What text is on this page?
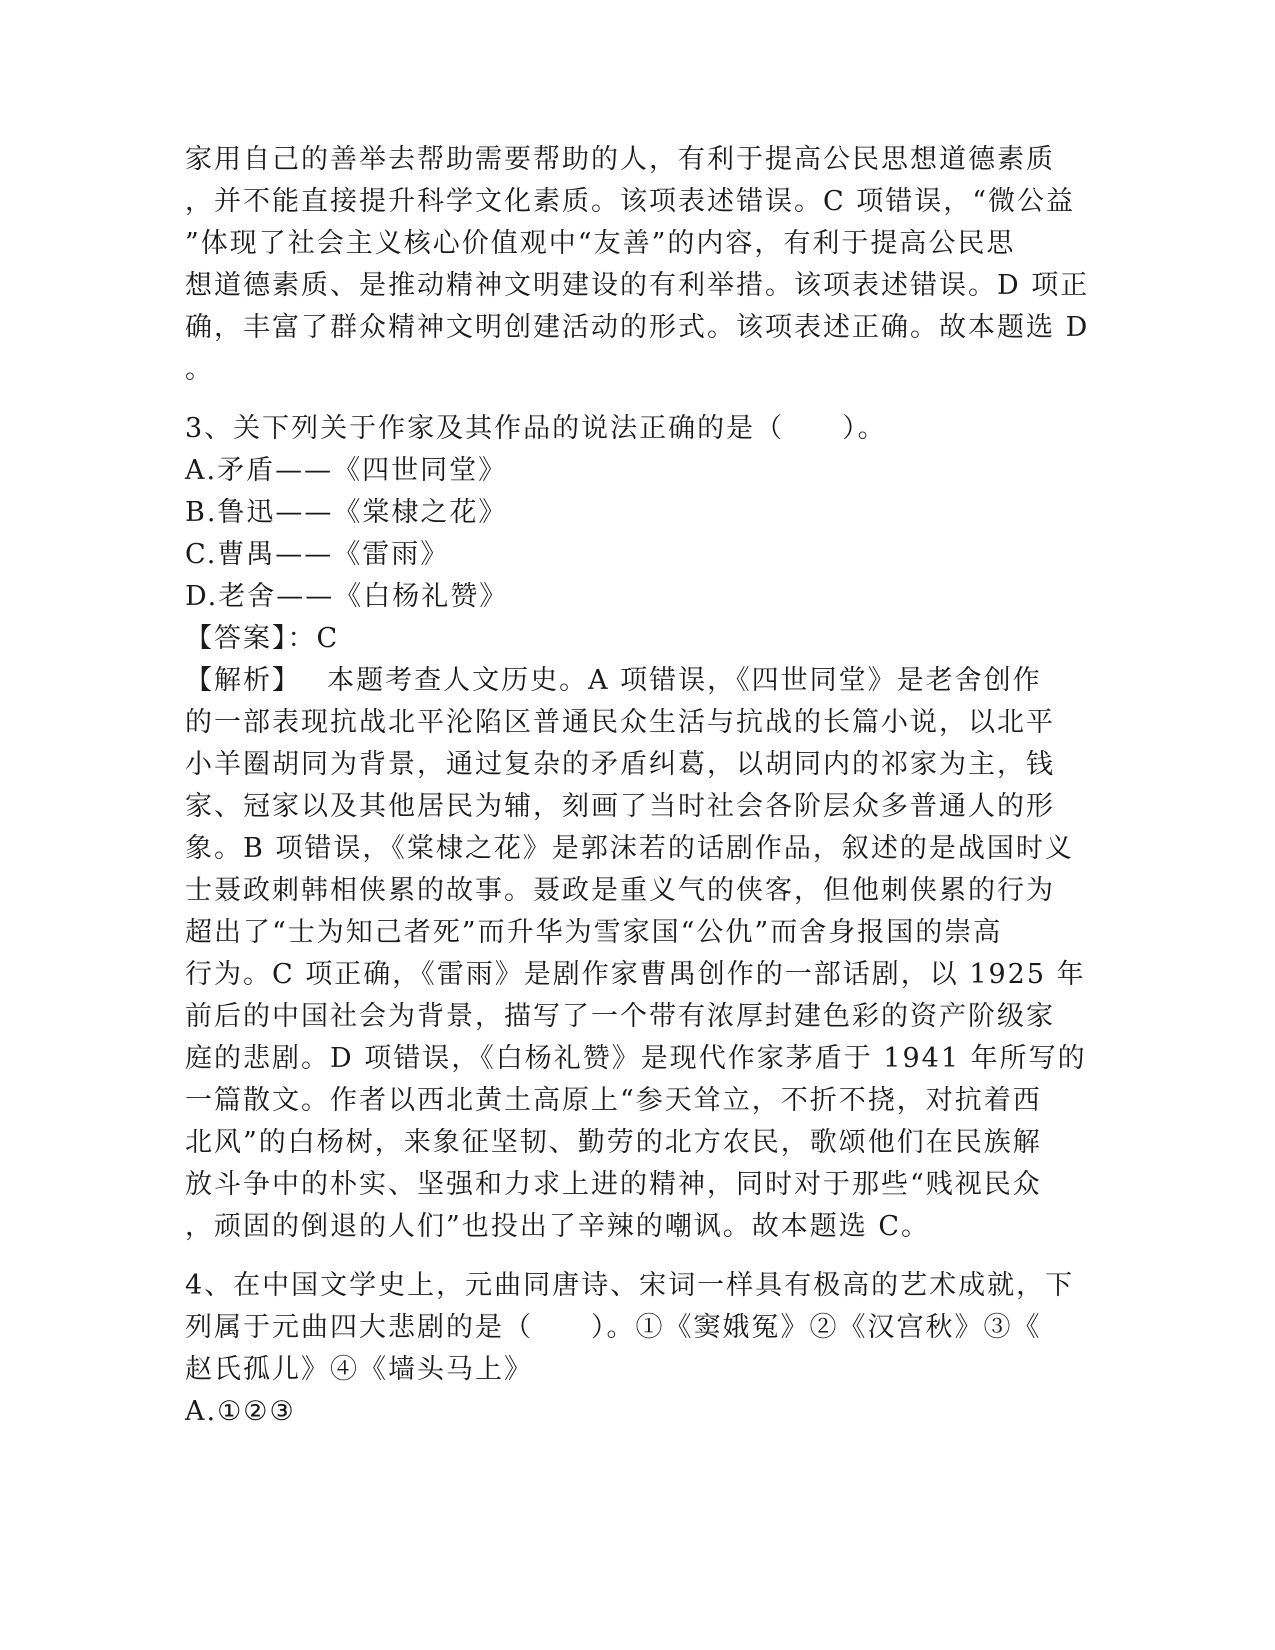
家用自己的善举去帮助需要帮助的人，有利于提高公民思想道德素质
，并不能直接提升科学文化素质。该项表述错误。C 项错误，“微公益
”体现了社会主义核心价值观中“友善”的内容，有利于提高公民思
想道德素质、是推动精神文明建设的有利举措。该项表述错误。D 项正
确，丰富了群众精神文明创建活动的形式。该项表述正确。故本题选 D
。
3、关下列关于作家及其作品的说法正确的是（　　）。
A.矛盾——《四世同堂》
B.鲁迅——《棠棣之花》
C.曹禺——《雷雨》
D.老舍——《白杨礼赞》
【答案】：C
【解析】　 本题考查人文历史。A 项错误，《四世同堂》是老舍创作
的一部表现抗战北平沦陷区普通民众生活与抗战的长篇小说，以北平
小羊圈胡同为背景，通过复杂的矛盾纠葛，以胡同内的祁家为主，钱
家、冠家以及其他居民为辅，刻画了当时社会各阶层众多普通人的形
象。B 项错误，《棠棣之花》是郭沫若的话剧作品，叙述的是战国时义
士聂政刺韩相侠累的故事。聂政是重义气的侠客，但他刺侠累的行为
超出了“士为知己者死”而升华为雪家国“公仇”而舍身报国的崇高
行为。C 项正确，《雷雨》是剧作家曹禺创作的一部话剧，以 1925 年
前后的中国社会为背景，描写了一个带有浓厚封建色彩的资产阶级家
庭的悲剧。D 项错误，《白杨礼赞》是现代作家茅盾于 1941 年所写的
一篇散文。作者以西北黄土高原上“参天耸立，不折不挠，对抗着西
北风”的白杨树，来象征坚韧、勤劳的北方农民，歌颂他们在民族解
放斗争中的朴实、坚强和力求上进的精神，同时对于那些“贱视民众
，顽固的倒退的人们”也投出了辛辣的嘲讽。故本题选 C。
4、在中国文学史上，元曲同唐诗、宋词一样具有极高的艺术成就，下
列属于元曲四大悲剧的是（　　）。①《窦娥冤》②《汉宫秋》③《
赵氏孤儿》④《墙头马上》
A.①②③
